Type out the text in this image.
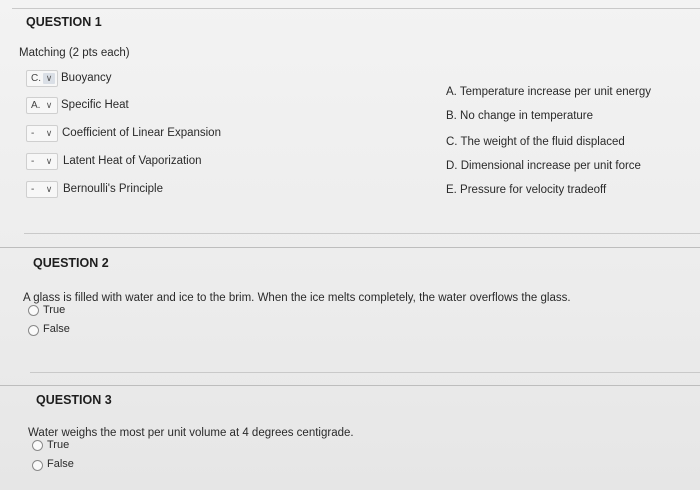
QUESTION 1
Matching (2 pts each)
C. ∨ Buoyancy
A. ∨ Specific Heat
-	∨ Coefficient of Linear Expansion
-	∨ Latent Heat of Vaporization
-	∨ Bernoulli's Principle
A. Temperature increase per unit energy
B. No change in temperature
C. The weight of the fluid displaced
D. Dimensional increase per unit force
E. Pressure for velocity tradeoff
QUESTION 2
A glass is filled with water and ice to the brim. When the ice melts completely, the water overflows the glass.
True
False
QUESTION 3
Water weighs the most per unit volume at 4 degrees centigrade.
True
False
